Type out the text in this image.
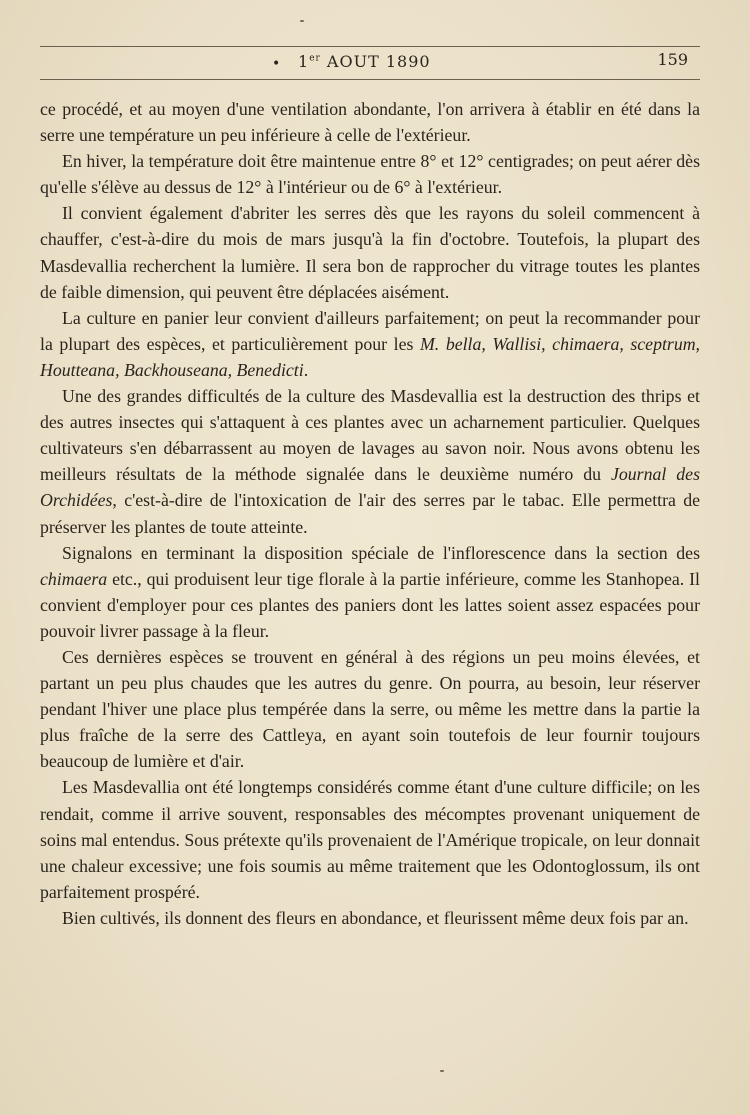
• 1er AOUT 1890	159

ce procédé, et au moyen d'une ventilation abondante, l'on arrivera à établir en été dans la serre une température un peu inférieure à celle de l'extérieur.

En hiver, la température doit être maintenue entre 8° et 12° centigrades; on peut aérer dès qu'elle s'élève au dessus de 12° à l'intérieur ou de 6° à l'extérieur.

Il convient également d'abriter les serres dès que les rayons du soleil commencent à chauffer, c'est-à-dire du mois de mars jusqu'à la fin d'octobre. Toutefois, la plupart des Masdevallia recherchent la lumière. Il sera bon de rapprocher du vitrage toutes les plantes de faible dimension, qui peuvent être déplacées aisément.

La culture en panier leur convient d'ailleurs parfaitement; on peut la recommander pour la plupart des espèces, et particulièrement pour les M. bella, Wallisi, chimaera, sceptrum, Houtteana, Backhouseana, Benedicti.

Une des grandes difficultés de la culture des Masdevallia est la destruction des thrips et des autres insectes qui s'attaquent à ces plantes avec un acharnement particulier. Quelques cultivateurs s'en débarrassent au moyen de lavages au savon noir. Nous avons obtenu les meilleurs résultats de la méthode signalée dans le deuxième numéro du Journal des Orchidées, c'est-à-dire de l'intoxication de l'air des serres par le tabac. Elle permettra de préserver les plantes de toute atteinte.

Signalons en terminant la disposition spéciale de l'inflorescence dans la section des chimaera etc., qui produisent leur tige florale à la partie inférieure, comme les Stanhopea. Il convient d'employer pour ces plantes des paniers dont les lattes soient assez espacées pour pouvoir livrer passage à la fleur.

Ces dernières espèces se trouvent en général à des régions un peu moins élevées, et partant un peu plus chaudes que les autres du genre. On pourra, au besoin, leur réserver pendant l'hiver une place plus tempérée dans la serre, ou même les mettre dans la partie la plus fraîche de la serre des Cattleya, en ayant soin toutefois de leur fournir toujours beaucoup de lumière et d'air.

Les Masdevallia ont été longtemps considérés comme étant d'une culture difficile; on les rendait, comme il arrive souvent, responsables des mécomptes provenant uniquement de soins mal entendus. Sous prétexte qu'ils provenaient de l'Amérique tropicale, on leur donnait une chaleur excessive; une fois soumis au même traitement que les Odontoglossum, ils ont parfaitement prospéré.

Bien cultivés, ils donnent des fleurs en abondance, et fleurissent même deux fois par an.
